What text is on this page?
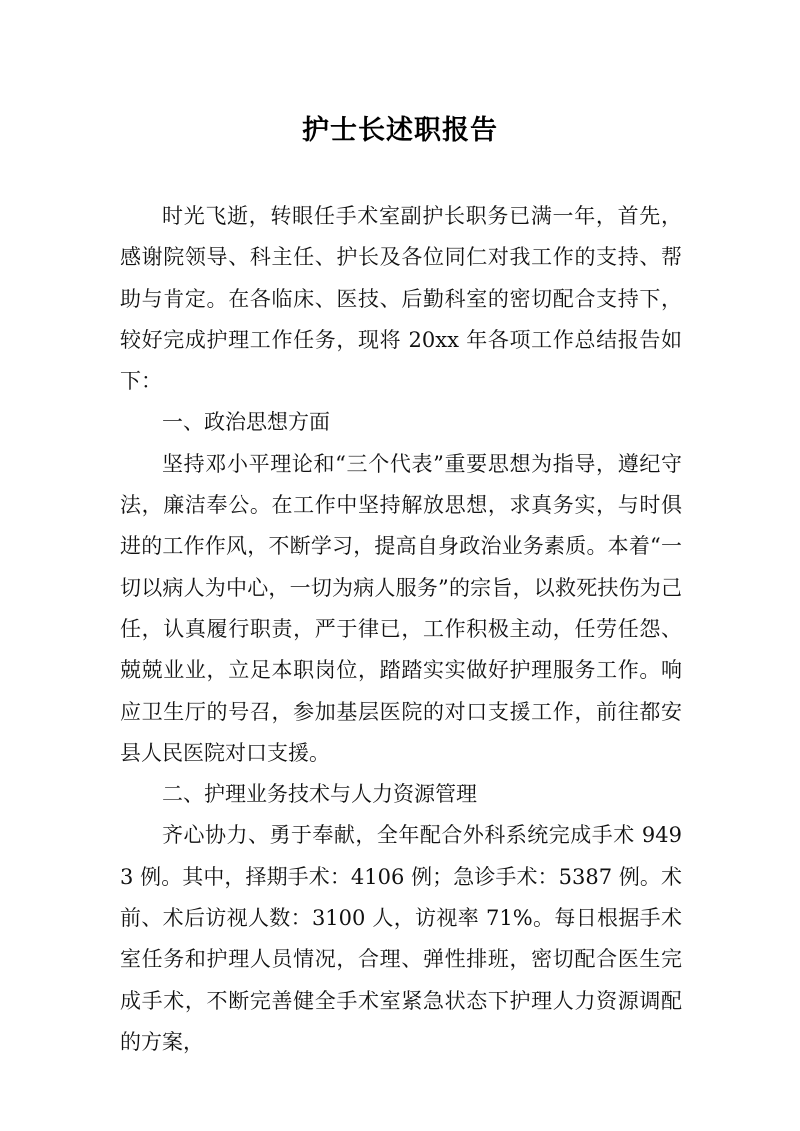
护士长述职报告

时光飞逝，转眼任手术室副护长职务已满一年，首先，感谢院领导、科主任、护长及各位同仁对我工作的支持、帮助与肯定。在各临床、医技、后勤科室的密切配合支持下，较好完成护理工作任务，现将 20xx 年各项工作总结报告如下：

一、政治思想方面

坚持邓小平理论和“三个代表”重要思想为指导，遵纪守法，廉洁奉公。在工作中坚持解放思想，求真务实，与时俱进的工作作风，不断学习，提高自身政治业务素质。本着“一切以病人为中心，一切为病人服务”的宗旨，以救死扶伤为己任，认真履行职责，严于律已，工作积极主动，任劳任怨、兢兢业业，立足本职岗位，踏踏实实做好护理服务工作。响应卫生厅的号召，参加基层医院的对口支援工作，前往都安县人民医院对口支援。

二、护理业务技术与人力资源管理

齐心协力、勇于奉献，全年配合外科系统完成手术 9493 例。其中，择期手术：4106 例；急诊手术：5387 例。术前、术后访视人数：3100 人，访视率 71%。每日根据手术室任务和护理人员情况，合理、弹性排班，密切配合医生完成手术，不断完善健全手术室紧急状态下护理人力资源调配的方案，
